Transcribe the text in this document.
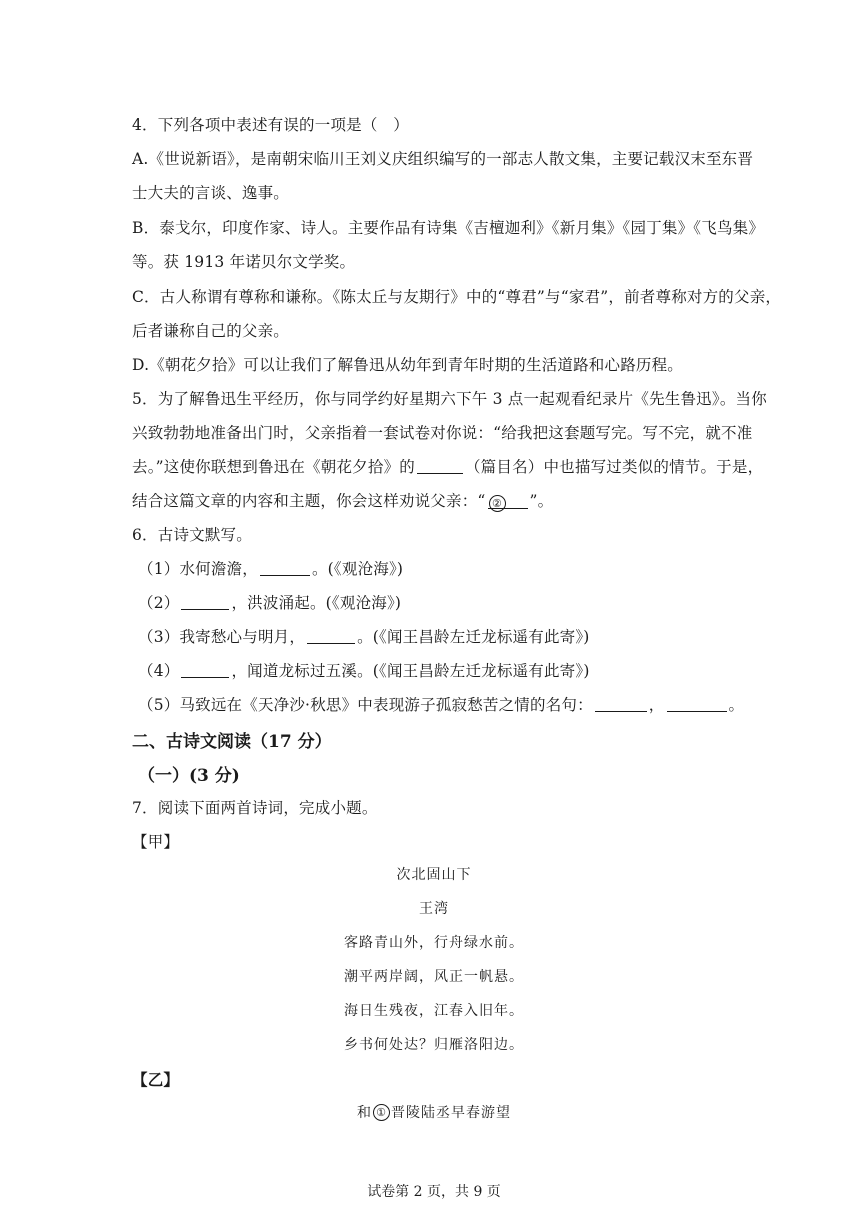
4．下列各项中表述有误的一项是（　）
A.《世说新语》，是南朝宋临川王刘义庆组织编写的一部志人散文集，主要记载汉末至东晋
士大夫的言谈、逸事。
B．泰戈尔，印度作家、诗人。主要作品有诗集《吉檀迦利》《新月集》《园丁集》《飞鸟集》
等。获 1913 年诺贝尔文学奖。
C．古人称谓有尊称和谦称。《陈太丘与友期行》中的“尊君”与“家君”，前者尊称对方的父亲，
后者谦称自己的父亲。
D.《朝花夕拾》可以让我们了解鲁迅从幼年到青年时期的生活道路和心路历程。
5．为了解鲁迅生平经历，你与同学约好星期六下午 3 点一起观看纪录片《先生鲁迅》。当你
兴致勃勃地准备出门时，父亲指着一套试卷对你说：“给我把这套题写完。写不完，就不准
去。”这使你联想到鲁迅在《朝花夕拾》的	（篇目名）中也描写过类似的情节。于是，
结合这篇文章的内容和主题，你会这样劝说父亲：“ ② ”。
6．古诗文默写。
（1）水何澹澹，	。(《观沧海》)
（2）	，洪波涌起。(《观沧海》)
（3）我寄愁心与明月，	。(《闻王昌龄左迁龙标遥有此寄》)
（4）	，闻道龙标过五溪。(《闻王昌龄左迁龙标遥有此寄》)
（5）马致远在《天净沙·秋思》中表现游子孤寂愁苦之情的名句：	，	。
二、古诗文阅读（17 分）
（一）(3 分)
7．阅读下面两首诗词，完成小题。
【甲】
次北固山下
王湾
客路青山外，行舟绿水前。
潮平两岸阔，风正一帆悬。
海日生残夜，江春入旧年。
乡书何处达？归雁洛阳边。
【乙】
和 ① 晋陵陆丞早春游望
试卷第 2 页，共 9 页
